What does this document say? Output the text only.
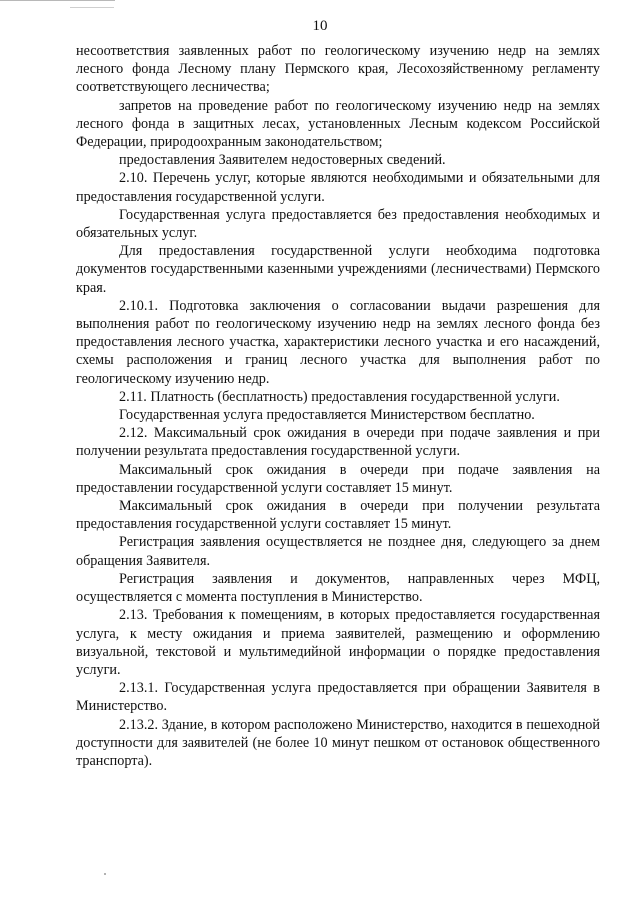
10

несоответствия заявленных работ по геологическому изучению недр на землях лесного фонда Лесному плану Пермского края, Лесохозяйственному регламенту соответствующего лесничества;

запретов на проведение работ по геологическому изучению недр на землях лесного фонда в защитных лесах, установленных Лесным кодексом Российской Федерации, природоохранным законодательством;

предоставления Заявителем недостоверных сведений.

2.10. Перечень услуг, которые являются необходимыми и обязательными для предоставления государственной услуги.

Государственная услуга предоставляется без предоставления необходимых и обязательных услуг.

Для предоставления государственной услуги необходима подготовка документов государственными казенными учреждениями (лесничествами) Пермского края.

2.10.1. Подготовка заключения о согласовании выдачи разрешения для выполнения работ по геологическому изучению недр на землях лесного фонда без предоставления лесного участка, характеристики лесного участка и его насаждений, схемы расположения и границ лесного участка для выполнения работ по геологическому изучению недр.

2.11. Платность (бесплатность) предоставления государственной услуги.

Государственная услуга предоставляется Министерством бесплатно.

2.12. Максимальный срок ожидания в очереди при подаче заявления и при получении результата предоставления государственной услуги.

Максимальный срок ожидания в очереди при подаче заявления на предоставлении государственной услуги составляет 15 минут.

Максимальный срок ожидания в очереди при получении результата предоставления государственной услуги составляет 15 минут.

Регистрация заявления осуществляется не позднее дня, следующего за днем обращения Заявителя.

Регистрация заявления и документов, направленных через МФЦ, осуществляется с момента поступления в Министерство.

2.13. Требования к помещениям, в которых предоставляется государственная услуга, к месту ожидания и приема заявителей, размещению и оформлению визуальной, текстовой и мультимедийной информации о порядке предоставления услуги.

2.13.1. Государственная услуга предоставляется при обращении Заявителя в Министерство.

2.13.2. Здание, в котором расположено Министерство, находится в пешеходной доступности для заявителей (не более 10 минут пешком от остановок общественного транспорта).
